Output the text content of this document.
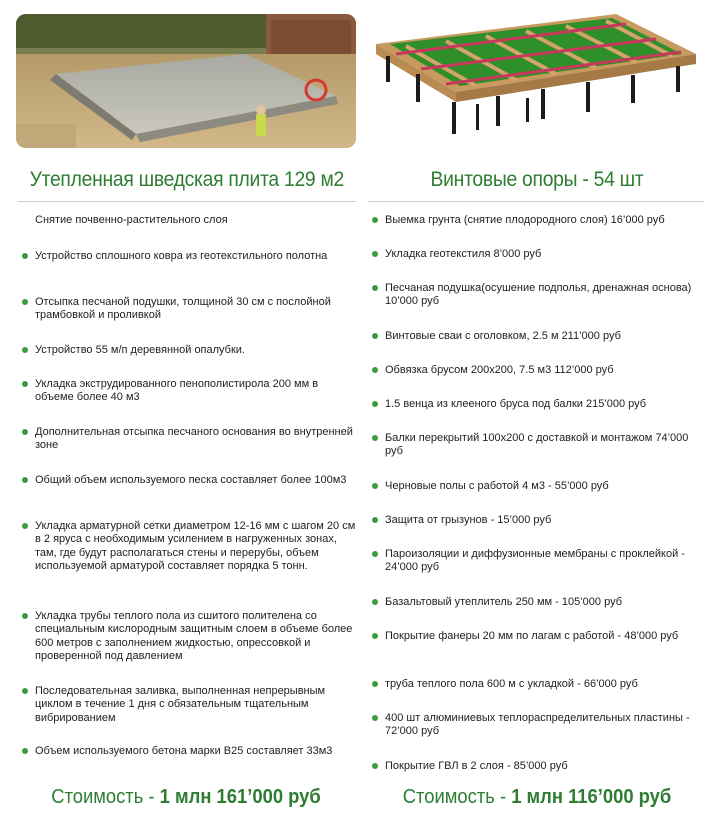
Утепленная шведская плита 129 м2
Снятие почвенно-растительного слоя
Устройство сплошного ковра из геотекстильного полотна
Отсыпка песчаной подушки, толщиной 30 см с послойной трамбовкой и проливкой
Устройство 55 м/п деревянной опалубки.
Укладка экструдированного пенополистирола 200 мм в объеме более 40 м3
Дополнительная отсыпка песчаного основания во внутренней зоне
Общий объем используемого песка составляет более 100м3
Укладка арматурной сетки диаметром 12-16 мм с шагом 20 см в 2 яруса с необходимым усилением в нагруженных зонах, там, где будут располагаться стены и перерубы, объем используемой арматурой составляет порядка 5 тонн.
Укладка трубы теплого пола из сшитого полителена со специальным кислородным защитным слоем в объеме более 600 метров с заполнением жидкостью, опрессовкой и проверенной под давлением
Последовательная заливка, выполненная непрерывным циклом в течение 1 дня с обязательным тщательным вибрированием
Объем используемого бетона марки В25 составляет 33м3
Стоимость - 1 млн 161’000 руб
Винтовые опоры - 54 шт
Выемка грунта (снятие плодородного слоя) 16’000 руб
Укладка геотекстиля 8’000 руб
Песчаная подушка(осушение подполья, дренажная основа) 10’000 руб
Винтовые сваи с оголовком, 2.5 м 211’000 руб
Обвязка брусом 200х200, 7.5 м3 112’000 руб
1.5 венца из клееного бруса под балки 215’000 руб
Балки перекрытий 100х200 с доставкой и монтажом 74’000 руб
Черновые полы с работой 4 м3 - 55’000 руб
Защита от грызунов - 15’000 руб
Пароизоляции и диффузионные мембраны с проклейкой - 24’000 руб
Базальтовый утеплитель 250 мм - 105’000 руб
Покрытие фанеры 20 мм по лагам с работой - 48’000 руб
труба теплого пола 600 м с укладкой - 66’000 руб
400 шт алюминиевых теплораспределительных пластины - 72’000 руб
Покрытие ГВЛ в 2 слоя - 85’000 руб
Стоимость - 1 млн 116’000 руб
